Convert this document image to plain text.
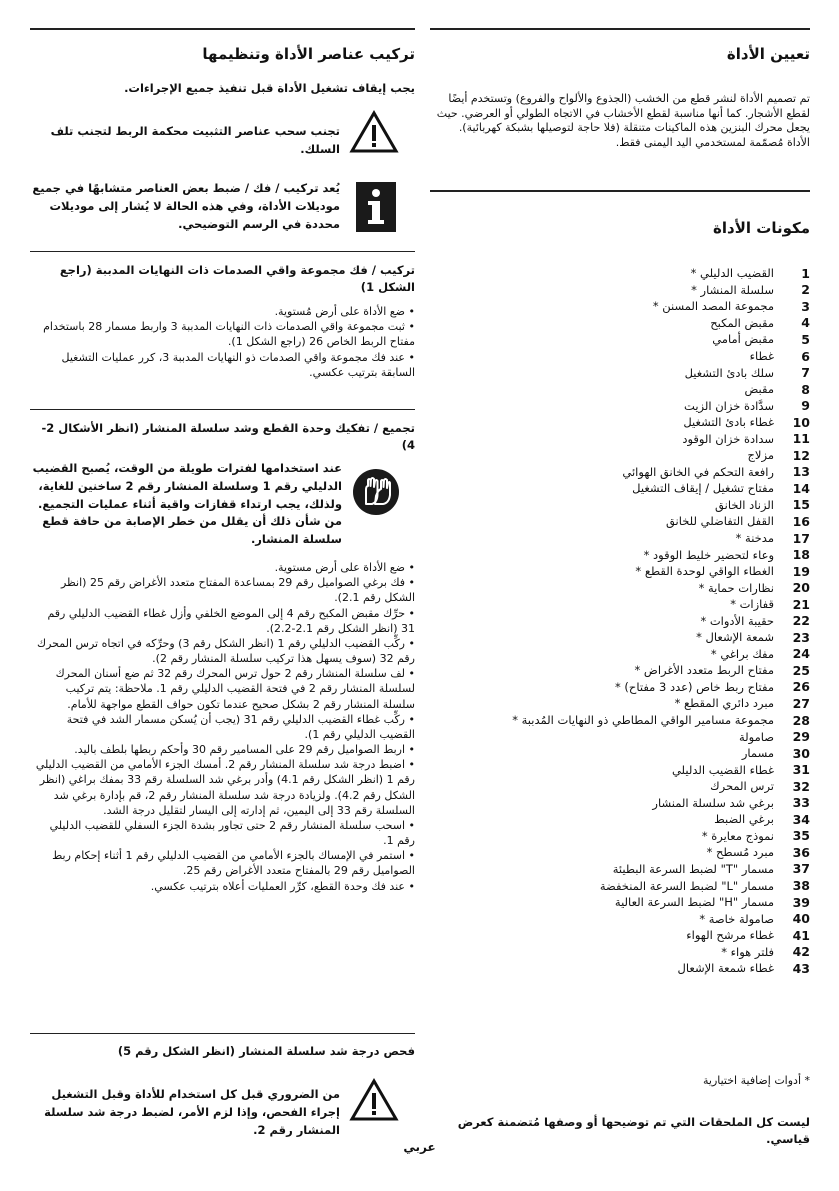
تعيين الأداة

تم تصميم الأداة لنشر قطع من الخشب (الجذوع والألواح والفروع) وتستخدم أيضًا لقطع الأشجار. كما أنها مناسبة لقطع الأخشاب في الاتجاه الطولي أو العرضي. حيث يجعل محرك البنزين هذه الماكينات متنقلة (فلا حاجة لتوصيلها بشبكة كهربائية).

الأداة مُصمّمة لمستخدمي اليد اليمنى فقط.

مكونات الأداة
1
القضيب الدليلي *
2
سلسلة المنشار *
3
مجموعة المصد المسنن *
4
مقبض المكبح
5
مقبض أمامي
6
غطاء
7
سلك بادئ التشغيل
8
مقبض
9
سدَّادة خزان الزيت
10
غطاء بادئ التشغيل
11
سدادة خزان الوقود
12
مزلاج
13
رافعة التحكم في الخانق الهوائي
14
مفتاح تشغيل / إيقاف التشغيل
15
الزناد الخانق
16
القفل التفاضلي للخانق
17
مدخنة *
18
وعاء لتحضير خليط الوقود *
19
الغطاء الواقي لوحدة القطع *
20
نظارات حماية *
21
قفازات *
22
حقيبة الأدوات *
23
شمعة الإشعال *
24
مفك براغي *
25
مفتاح الربط متعدد الأغراض *
26
مفتاح ربط خاص (عدد 3 مفتاح) *
27
مبرد دائري المقطع *
28
مجموعة مسامير الواقي المطاطي ذو النهايات المُدببة *
29
صامولة
30
مسمار
31
غطاء القضيب الدليلي
32
ترس المحرك
33
برغي شد سلسلة المنشار
34
برغي الضبط
35
نموذج معايرة *
36
مبرد مُسطح *
37
مسمار "T" لضبط السرعة البطيئة
38
مسمار "L" لضبط السرعة المنخفضة
39
مسمار "H" لضبط السرعة العالية
40
صامولة خاصة *
41
غطاء مرشح الهواء
42
فلتر هواء *
43
غطاء شمعة الإشعال
* أدوات إضافية اختيارية
ليست كل الملحقات التي تم توضيحها أو وصفها مُتضمنة كعرض قياسي.
تركيب عناصر الأداة وتنظيمها
يجب إيقاف تشغيل الأداة قبل تنفيذ جميع الإجراءات.
تجنب سحب عناصر التثبيت محكمة الربط لتجنب تلف السلك.
يُعد تركيب / فك / ضبط بعض العناصر متشابهًا في جميع موديلات الأداة، وفي هذه الحالة لا يُشار إلى موديلات محددة في الرسم التوضيحي.
تركيب / فك مجموعة واقي الصدمات ذات النهايات المدببة (راجع الشكل 1)

• ضع الأداة على أرض مُستوية.

• ثبت مجموعة واقي الصدمات ذات النهايات المدببة 3 واربط مسمار 28 باستخدام مفتاح الربط الخاص 26 (راجع الشكل 1).

• عند فك مجموعة واقي الصدمات ذو النهايات المدببة 3، كرر عمليات التشغيل السابقة بترتيب عكسي.

تجميع / تفكيك وحدة القطع وشد سلسلة المنشار (انظر الأشكال 2-4)
عند استخدامها لفترات طويلة من الوقت، يُصبح القضيب الدليلي رقم 1 وسلسلة المنشار رقم 2 ساخنين للغاية، ولذلك، يجب ارتداء قفازات واقية أثناء عمليات التجميع. من شأن ذلك أن يقلل من خطر الإصابة من حافة قطع سلسلة المنشار.

• ضع الأداة على أرض مستوية.

• فك برغي الصواميل رقم 29 بمساعدة المفتاح متعدد الأغراض رقم 25 (انظر الشكل رقم 2.1).

• حرِّك مقبض المكبح رقم 4 إلى الموضع الخلفي وأزل غطاء القضيب الدليلي رقم 31 (انظر الشكل رقم 2.1-2.2).

• ركِّب القضيب الدليلي رقم 1 (انظر الشكل رقم 3) وحرِّكه في اتجاه ترس المحرك رقم 32 (سوف يسهل هذا تركيب سلسلة المنشار رقم 2).

• لف سلسلة المنشار رقم 2 حول ترس المحرك رقم 32 ثم ضع أسنان المحرك لسلسلة المنشار رقم 2 في فتحة القضيب الدليلي رقم 1. ملاحظة: يتم تركيب سلسلة المنشار رقم 2 بشكل صحيح عندما تكون حواف القطع مواجهة للأمام.

• ركِّب غطاء القضيب الدليلي رقم 31 (يجب أن يُسكن مسمار الشد في فتحة القضيب الدليلي رقم 1).

• اربط الصواميل رقم 29 على المسامير رقم 30 وأحكم ربطها بلطف باليد.

• اضبط درجة شد سلسلة المنشار رقم 2. أمسك الجزء الأمامي من القضيب الدليلي رقم 1 (انظر الشكل رقم 4.1) وأدر برغي شد السلسلة رقم 33 بمفك براغي (انظر الشكل رقم 4.2). ولزيادة درجة شد سلسلة المنشار رقم 2، قم بإدارة برغي شد السلسلة رقم 33 إلى اليمين، ثم إدارته إلى اليسار لتقليل درجة الشد.

• اسحب سلسلة المنشار رقم 2 حتى تجاور بشدة الجزء السفلي للقضيب الدليلي رقم 1.

• استمر في الإمساك بالجزء الأمامي من القضيب الدليلي رقم 1 أثناء إحكام ربط الصواميل رقم 29 بالمفتاح متعدد الأغراض رقم 25.

• عند فك وحدة القطع، كرِّر العمليات أعلاه بترتيب عكسي.

فحص درجة شد سلسلة المنشار (انظر الشكل رقم 5)
من الضروري قبل كل استخدام للأداة وقبل التشغيل إجراء الفحص، وإذا لزم الأمر، لضبط درجة شد سلسلة المنشار رقم 2.
عربي
